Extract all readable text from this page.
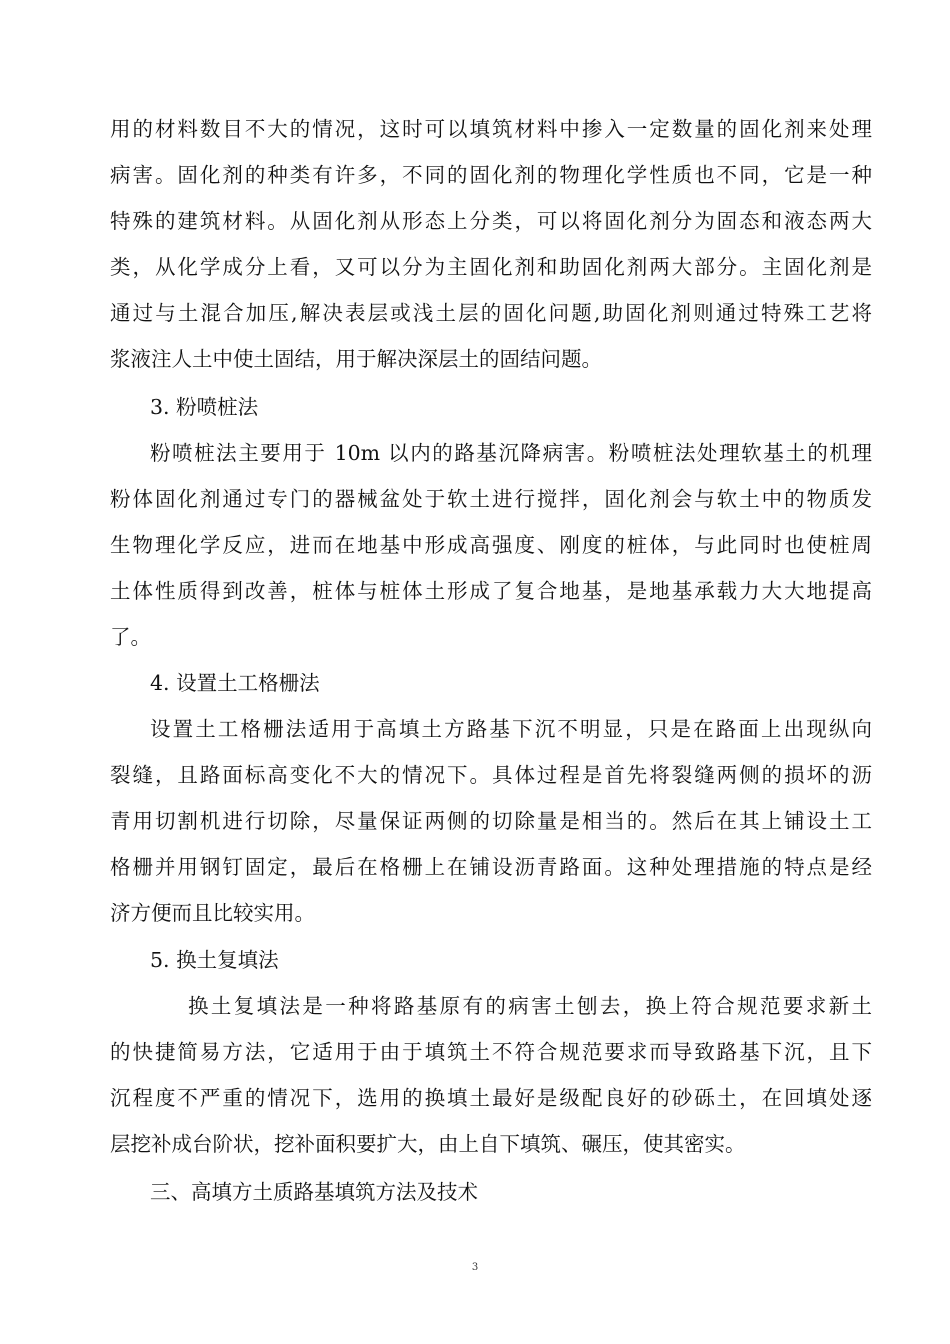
用的材料数目不大的情况，这时可以填筑材料中掺入一定数量的固化剂来处理
病害。固化剂的种类有许多，不同的固化剂的物理化学性质也不同，它是一种
特殊的建筑材料。从固化剂从形态上分类，可以将固化剂分为固态和液态两大
类，从化学成分上看，又可以分为主固化剂和助固化剂两大部分。主固化剂是
通过与土混合加压,解决表层或浅土层的固化问题,助固化剂则通过特殊工艺将
浆液注人土中使土固结，用于解决深层土的固结问题。
3. 粉喷桩法
粉喷桩法主要用于 10m 以内的路基沉降病害。粉喷桩法处理软基土的机理
粉体固化剂通过专门的器械盆处于软土进行搅拌，固化剂会与软土中的物质发
生物理化学反应，进而在地基中形成高强度、刚度的桩体，与此同时也使桩周
土体性质得到改善，桩体与桩体土形成了复合地基，是地基承载力大大地提高
了。
4. 设置土工格栅法
设置土工格栅法适用于高填土方路基下沉不明显，只是在路面上出现纵向
裂缝，且路面标高变化不大的情况下。具体过程是首先将裂缝两侧的损坏的沥
青用切割机进行切除，尽量保证两侧的切除量是相当的。然后在其上铺设土工
格栅并用钢钉固定，最后在格栅上在铺设沥青路面。这种处理措施的特点是经
济方便而且比较实用。
5. 换土复填法
换土复填法是一种将路基原有的病害土刨去，换上符合规范要求新土
的快捷简易方法，它适用于由于填筑土不符合规范要求而导致路基下沉，且下
沉程度不严重的情况下，选用的换填土最好是级配良好的砂砾土，在回填处逐
层挖补成台阶状，挖补面积要扩大，由上自下填筑、碾压，使其密实。
三、高填方土质路基填筑方法及技术
3
